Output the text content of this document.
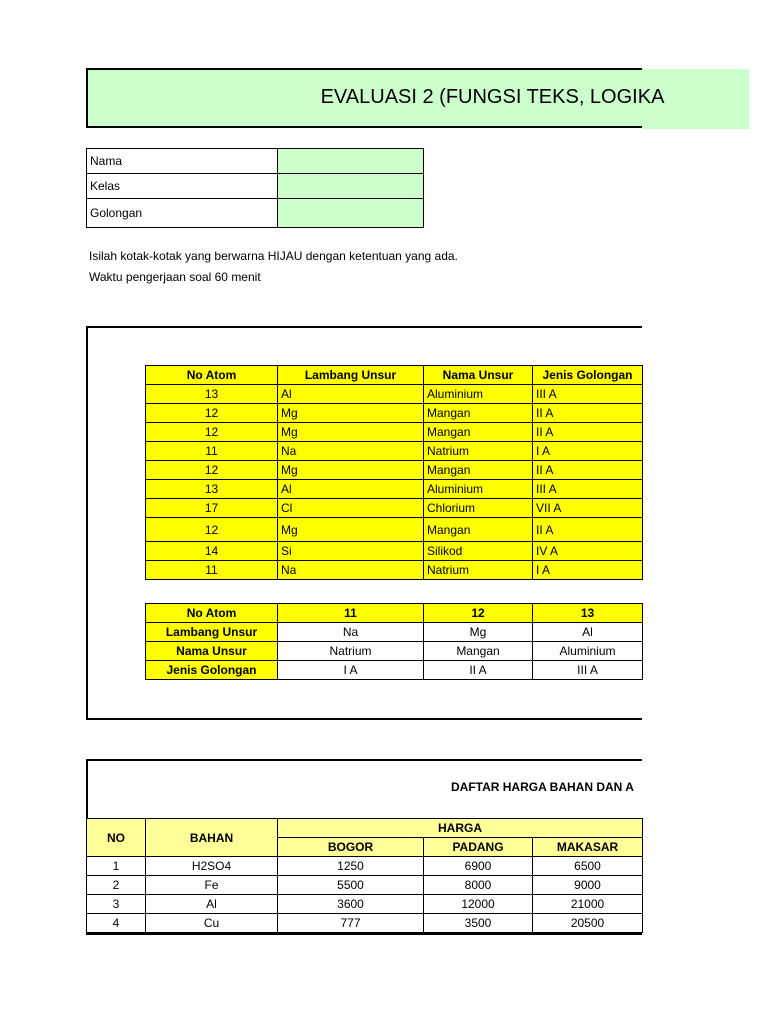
EVALUASI 2 (FUNGSI TEKS, LOGIKA
Nama	
Kelas	
Golongan	
Isilah kotak-kotak yang berwarna HIJAU dengan ketentuan yang ada.
Waktu pengerjaan soal 60 menit
No Atom	Lambang Unsur	Nama Unsur	Jenis Golongan
13	Al	Aluminium	III A
12	Mg	Mangan	II A
12	Mg	Mangan	II A
11	Na	Natrium	I A
12	Mg	Mangan	II A
13	Al	Aluminium	III A
17	Cl	Chlorium	VII A
12	Mg	Mangan	II A
14	Si	Silikod	IV A
11	Na	Natrium	I A
No Atom	11	12	13
Lambang Unsur	Na	Mg	Al
Nama Unsur	Natrium	Mangan	Aluminium
Jenis Golongan	I A	II A	III A
DAFTAR HARGA BAHAN DAN A
NO	BAHAN	HARGA		
		BOGOR	PADANG	MAKASAR
1	H2SO4	1250	6900	6500
2	Fe	5500	8000	9000
3	Al	3600	12000	21000
4	Cu	777	3500	20500
